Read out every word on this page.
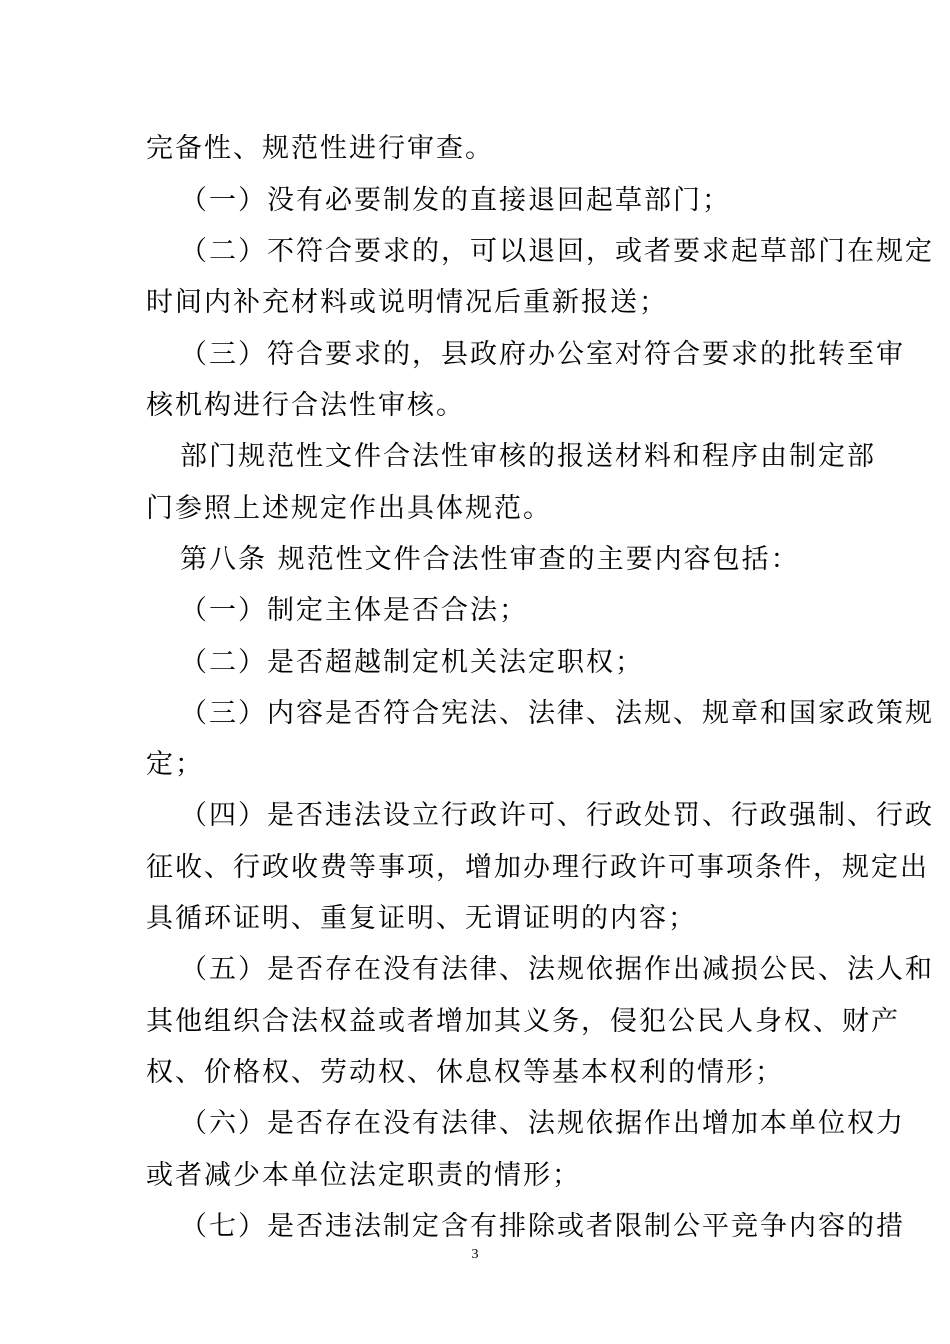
完备性、规范性进行审查。
（一）没有必要制发的直接退回起草部门；
（二）不符合要求的，可以退回，或者要求起草部门在规定
时间内补充材料或说明情况后重新报送；
（三）符合要求的，县政府办公室对符合要求的批转至审
核机构进行合法性审核。
部门规范性文件合法性审核的报送材料和程序由制定部
门参照上述规定作出具体规范。
第八条 规范性文件合法性审查的主要内容包括：
（一）制定主体是否合法；
（二）是否超越制定机关法定职权；
（三）内容是否符合宪法、法律、法规、规章和国家政策规
定；
（四）是否违法设立行政许可、行政处罚、行政强制、行政
征收、行政收费等事项，增加办理行政许可事项条件，规定出
具循环证明、重复证明、无谓证明的内容；
（五）是否存在没有法律、法规依据作出减损公民、法人和
其他组织合法权益或者增加其义务，侵犯公民人身权、财产
权、价格权、劳动权、休息权等基本权利的情形；
（六）是否存在没有法律、法规依据作出增加本单位权力
或者减少本单位法定职责的情形；
（七）是否违法制定含有排除或者限制公平竞争内容的措
3
